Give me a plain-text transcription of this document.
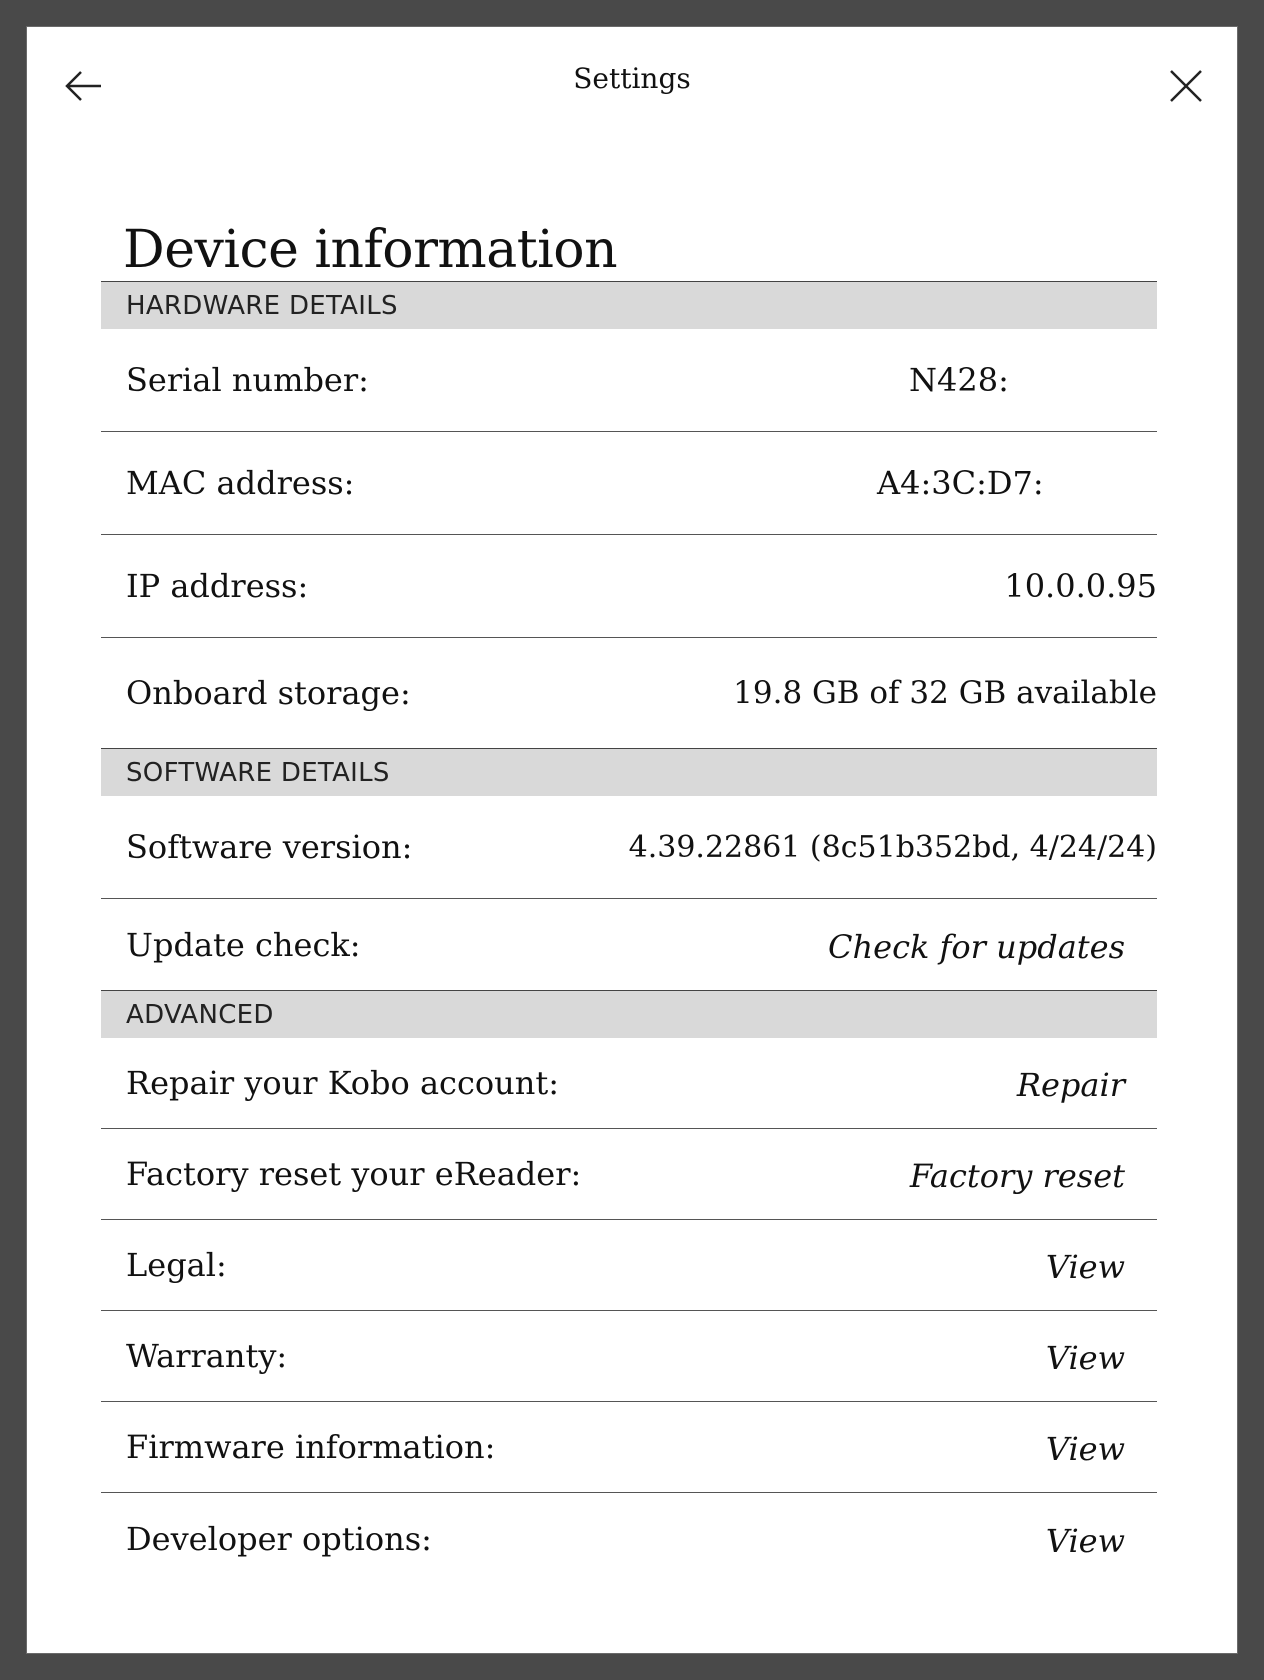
Settings
Device information
HARDWARE DETAILS
Serial number:	N428:
MAC address:	A4:3C:D7:
IP address:	10.0.0.95
Onboard storage:	19.8 GB of 32 GB available
SOFTWARE DETAILS
Software version:	4.39.22861 (8c51b352bd, 4/24/24)
Update check:	Check for updates
ADVANCED
Repair your Kobo account:	Repair
Factory reset your eReader:	Factory reset
Legal:	View
Warranty:	View
Firmware information:	View
Developer options:	View
